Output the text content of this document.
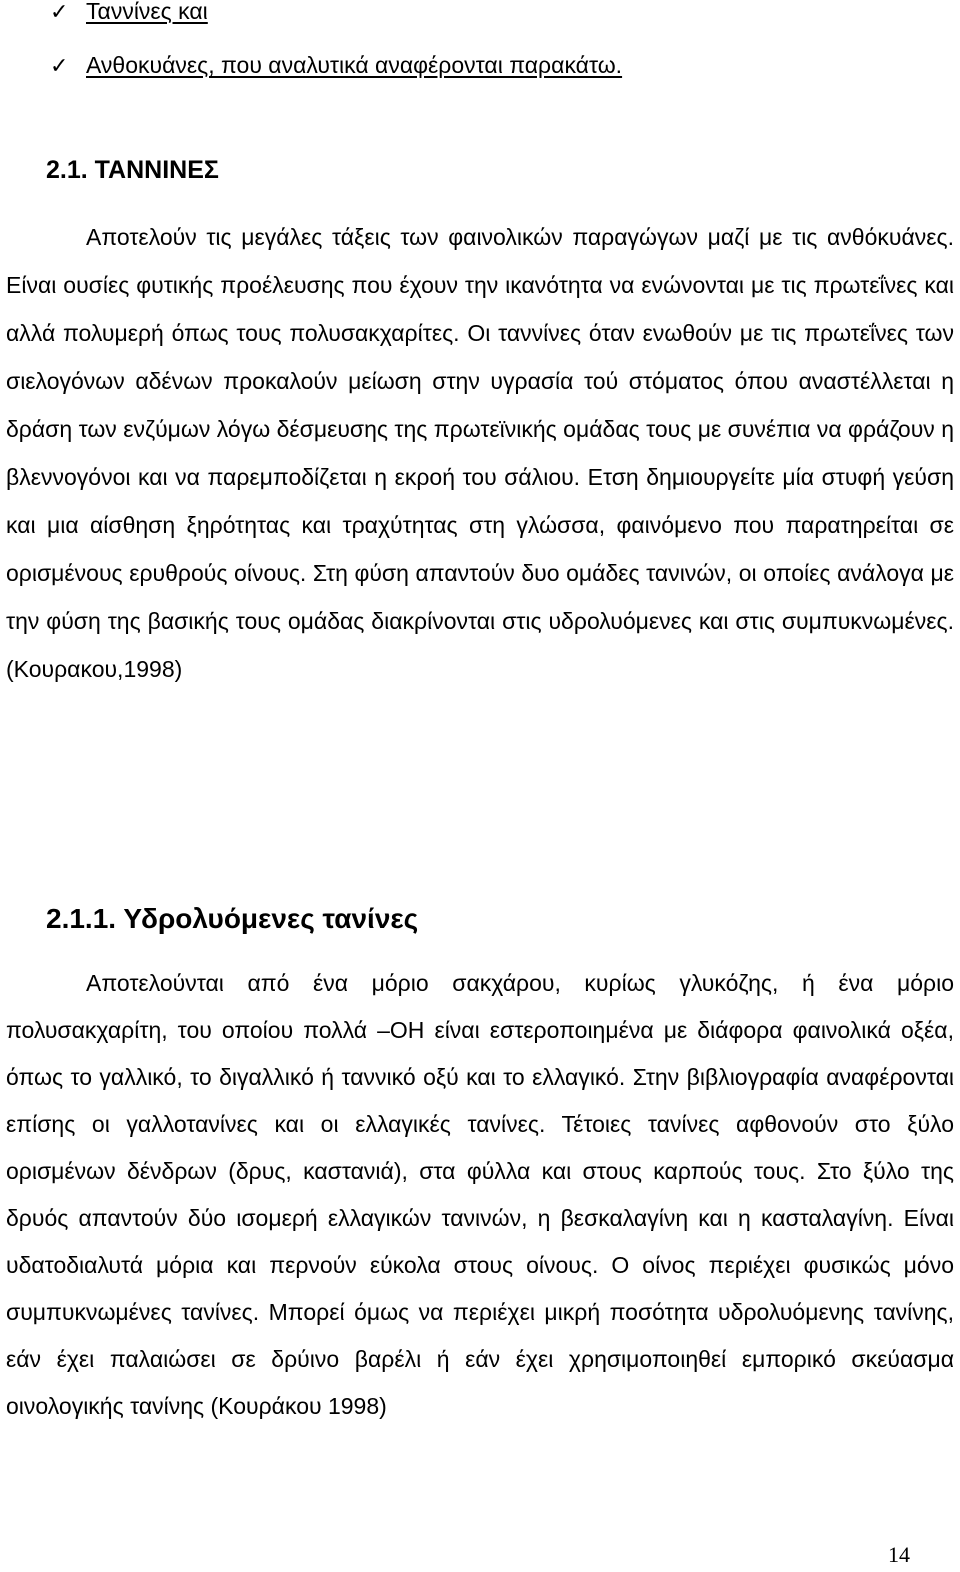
✓ Ταννίνες και
✓ Ανθοκυάνες, που αναλυτικά αναφέρονται παρακάτω.
2.1. ΤΑΝΝΙΝΕΣ

Αποτελούν τις μεγάλες τάξεις των φαινολικών παραγώγων μαζί με τις ανθόκυάνες. Είναι ουσίες φυτικής προέλευσης που έχουν την ικανότητα να ενώνονται με τις πρωτεΐνες και αλλά πολυμερή όπως τους πολυσακχαρίτες. Οι ταννίνες όταν ενωθούν με τις πρωτεΐνες των σιελογόνων αδένων προκαλούν μείωση στην υγρασία τού στόματος όπου αναστέλλεται η δράση των ενζύμων λόγω δέσμευσης της πρωτεϊνικής ομάδας τους με συνέπια να φράζουν η βλεννογόνοι και να παρεμποδίζεται η εκροή του σάλιου. Ετση δημιουργείτε μία στυφή γεύση και μια αίσθηση ξηρότητας και τραχύτητας στη γλώσσα, φαινόμενο που παρατηρείται σε ορισμένους ερυθρούς οίνους. Στη φύση απαντούν δυο ομάδες τανινών, οι οποίες ανάλογα με την φύση της βασικής τους ομάδας διακρίνονται στις υδρολυόμενες και στις συμπυκνωμένες. (Κουρακου,1998)

2.1.1. Υδρολυόμενες τανίνες

Αποτελούνται από ένα μόριο σακχάρου, κυρίως γλυκόζης, ή ένα μόριο πολυσακχαρίτη, του οποίου πολλά –OH είναι εστεροποιημένα με διάφορα φαινολικά οξέα, όπως το γαλλικό, το διγαλλικό ή ταννικό οξύ και το ελλαγικό. Στην βιβλιογραφία αναφέρονται επίσης οι γαλλοτανίνες και οι ελλαγικές τανίνες. Τέτοιες τανίνες αφθονούν στο ξύλο ορισμένων δένδρων (δρυς, καστανιά), στα φύλλα και στους καρπούς τους. Στο ξύλο της δρυός απαντούν δύο ισομερή ελλαγικών τανινών, η βεσκαλαγίνη και η κασταλαγίνη. Είναι υδατοδιαλυτά μόρια και περνούν εύκολα στους οίνους. Ο οίνος περιέχει φυσικώς μόνο συμπυκνωμένες τανίνες. Μπορεί όμως να περιέχει μικρή ποσότητα υδρολυόμενης τανίνης, εάν έχει παλαιώσει σε δρύινο βαρέλι ή εάν έχει χρησιμοποιηθεί εμπορικό σκεύασμα οινολογικής τανίνης (Κουράκου 1998)

14
